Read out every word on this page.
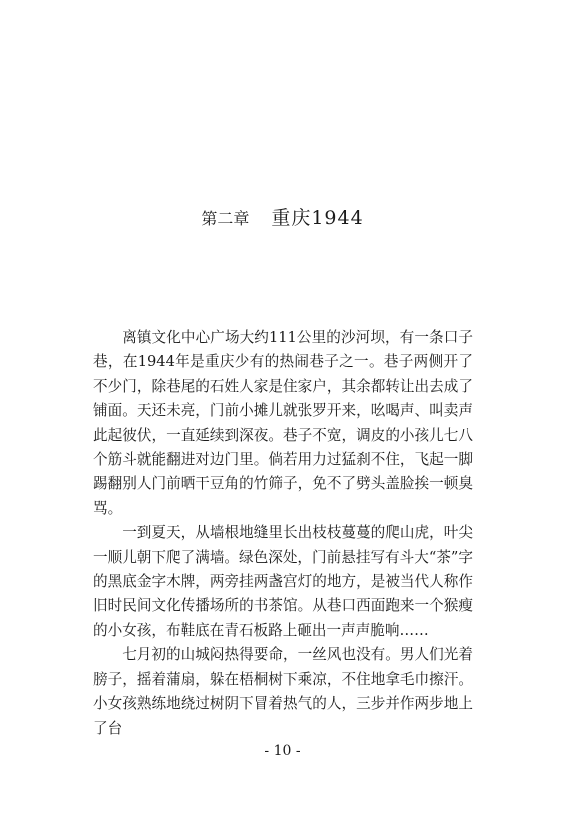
第二章 重庆1944

离镇文化中心广场大约111公里的沙河坝，有一条口子巷，在1944年是重庆少有的热闹巷子之一。巷子两侧开了不少门，除巷尾的石姓人家是住家户，其余都转让出去成了铺面。天还未亮，门前小摊儿就张罗开来，吆喝声、叫卖声此起彼伏，一直延续到深夜。巷子不宽，调皮的小孩儿七八个筋斗就能翻进对边门里。倘若用力过猛刹不住，飞起一脚踢翻别人门前晒干豆角的竹筛子，免不了劈头盖脸挨一顿臭骂。

一到夏天，从墙根地缝里长出枝枝蔓蔓的爬山虎，叶尖一顺儿朝下爬了满墙。绿色深处，门前悬挂写有斗大“茶”字的黑底金字木牌，两旁挂两盏宫灯的地方，是被当代人称作旧时民间文化传播场所的书茶馆。从巷口西面跑来一个猴瘦的小女孩，布鞋底在青石板路上砸出一声声脆响……

七月初的山城闷热得要命，一丝风也没有。男人们光着膀子，摇着蒲扇，躲在梧桐树下乘凉，不住地拿毛巾擦汗。小女孩熟练地绕过树阴下冒着热气的人，三步并作两步地上了台

- 10 -
